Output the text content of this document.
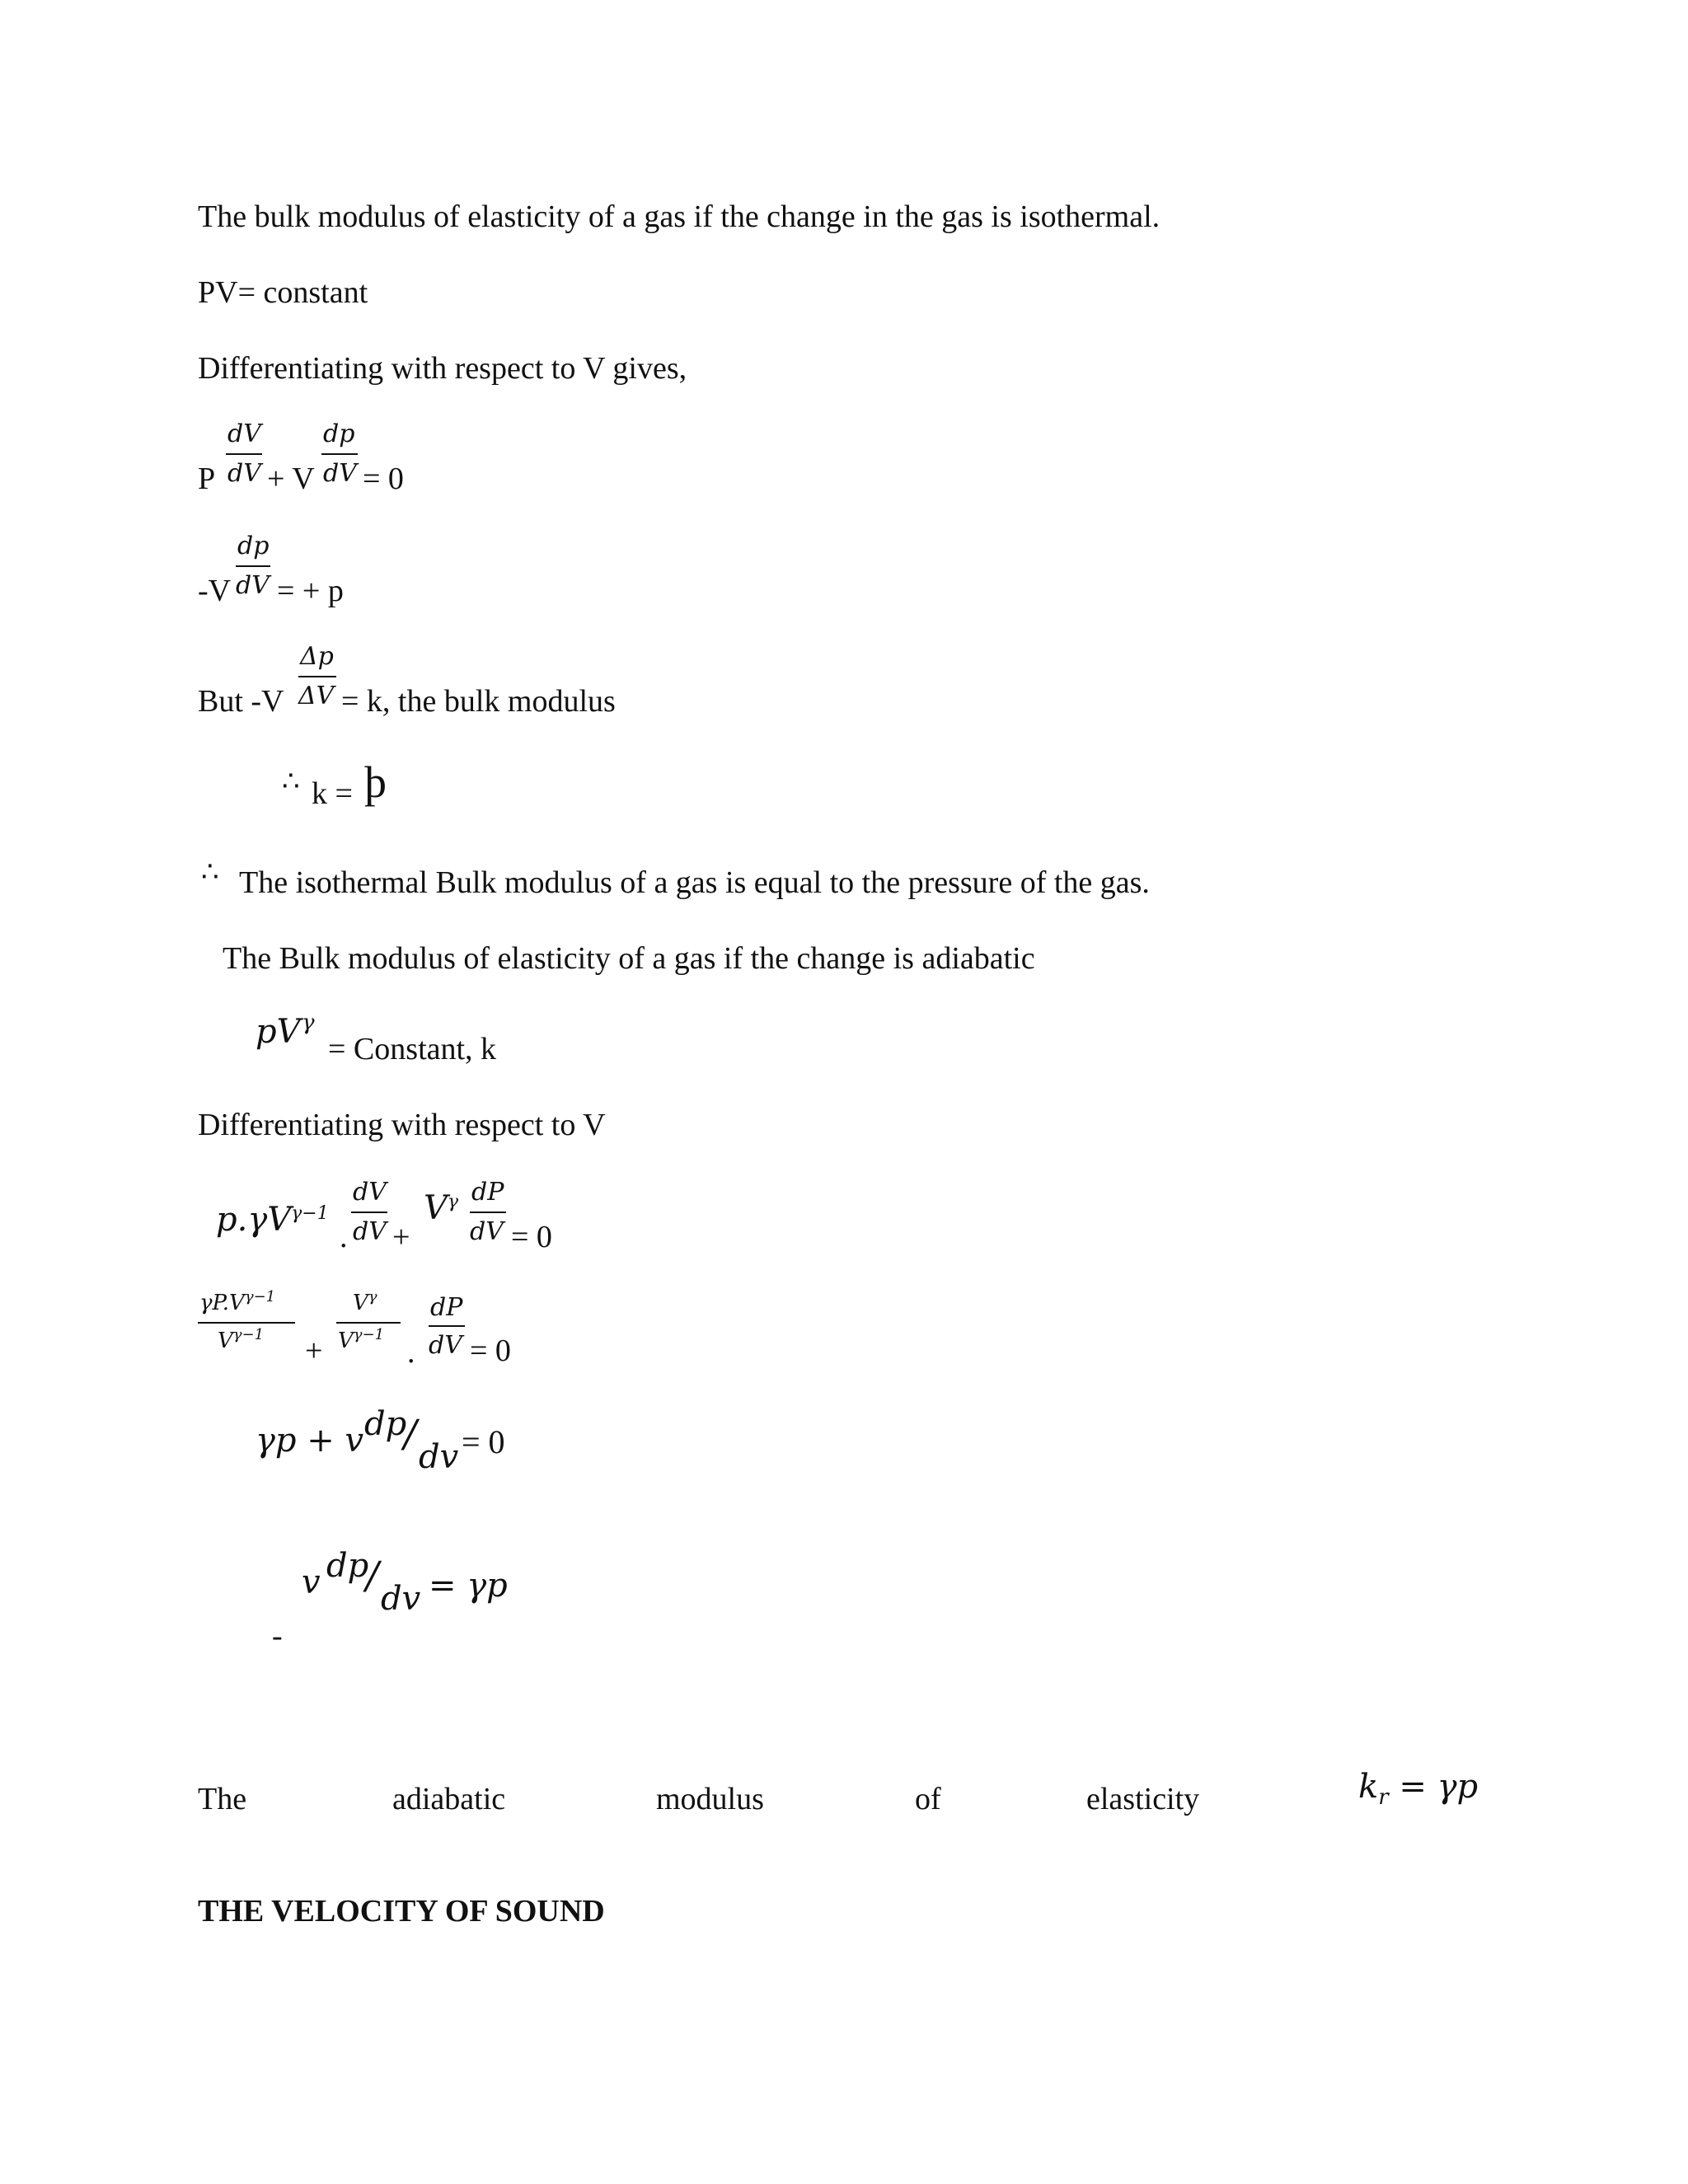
The bulk modulus of elasticity of a gas if the change in the gas is isothermal.
PV= constant
Differentiating with respect to V gives,
P
dV
dV + V
dp
dV = 0
-V
dp
dV = + p
But -V
Δp
ΔV = k, the bulk modulus
∴ k = þ
∴ The isothermal Bulk modulus of a gas is equal to the pressure of the gas.
The Bulk modulus of elasticity of a gas if the change is adiabatic
pV γ
= Constant, k
Differentiating with respect to V
$p.\gamma V^{\gamma-1}$
dV
dV
. +
$V^\gamma$ dP
dV = 0
$\gamma P.V^{\gamma-1}$
$V^{\gamma-1}$ +
$V^\gamma$
$V^{\gamma-1}$
.
dP
dV = 0
γp + v dp
/
dv = 0
v dp
/
dv = γp
-
The	adiabatic	modulus	of	elasticity	$k_r = \gamma p$
THE VELOCITY OF SOUND
